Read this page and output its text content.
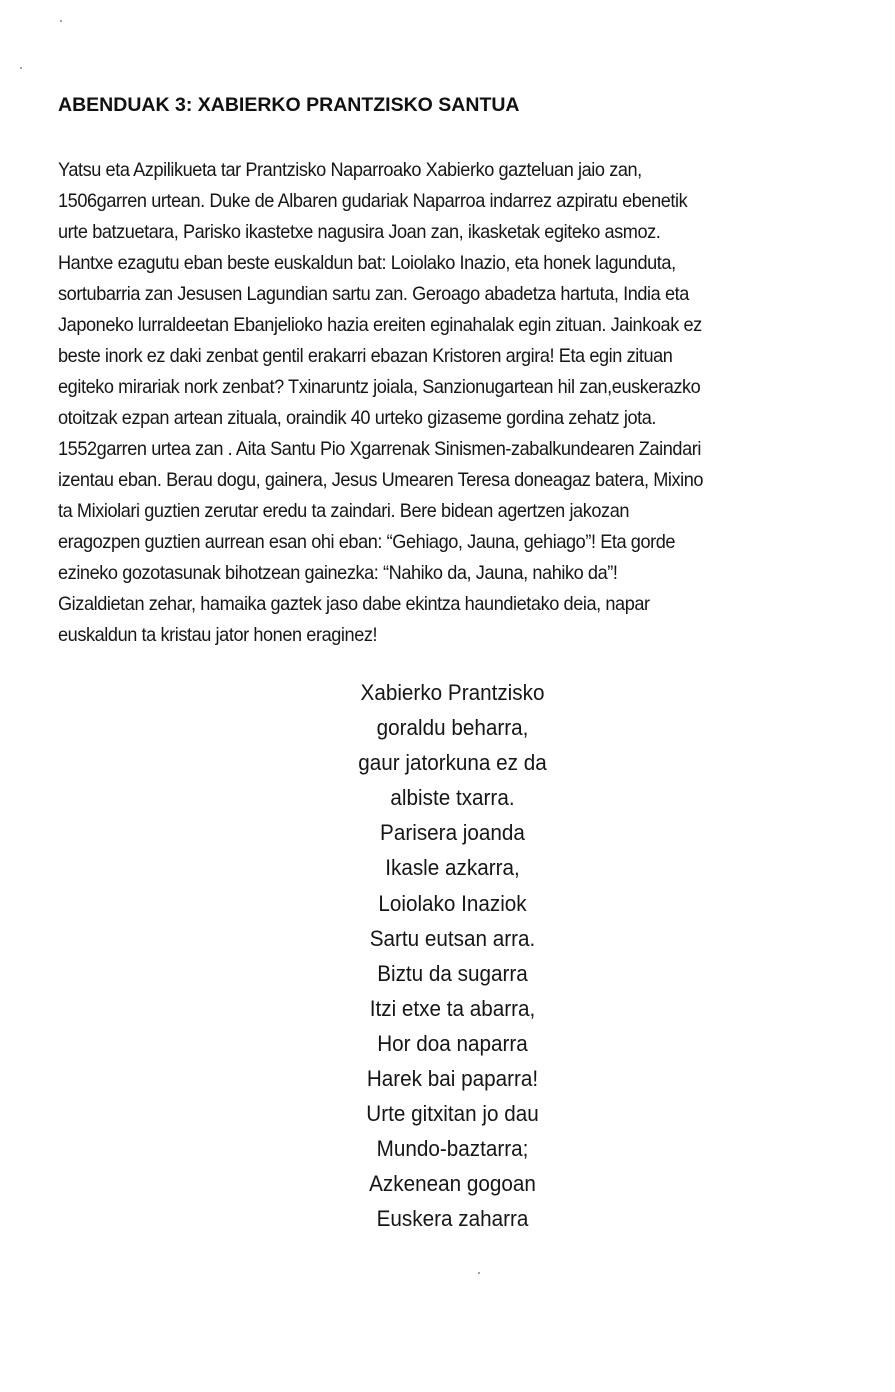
ABENDUAK 3: XABIERKO PRANTZISKO SANTUA
Yatsu eta Azpilikueta tar Prantzisko Naparroako Xabierko gazteluan jaio zan,
1506garren urtean. Duke de Albaren gudariak Naparroa indarrez azpiratu ebenetik
urte batzuetara, Parisko ikastetxe nagusira Joan zan, ikasketak egiteko asmoz.
Hantxe ezagutu eban beste euskaldun bat: Loiolako Inazio, eta honek lagunduta,
sortubarria zan Jesusen Lagundian sartu zan. Geroago abadetza hartuta, India eta
Japoneko lurraldeetan Ebanjelioko hazia ereiten eginahalak egin zituan. Jainkoak ez
beste inork ez daki zenbat gentil erakarri ebazan Kristoren argira! Eta egin zituan
egiteko mirariak nork zenbat? Txinaruntz joiala, Sanzionugartean hil zan,euskerazko
otoitzak ezpan artean zituala, oraindik 40 urteko gizaseme gordina zehatz jota.
1552garren urtea zan . Aita Santu Pio Xgarrenak Sinismen-zabalkundearen Zaindari
izentau eban. Berau dogu, gainera, Jesus Umearen Teresa doneagaz batera, Mixino
ta Mixiolari guztien zerutar eredu ta zaindari. Bere bidean agertzen jakozan
eragozpen guztien aurrean esan ohi eban: “Gehiago, Jauna, gehiago”! Eta gorde
ezineko gozotasunak bihotzean gainezka: “Nahiko da, Jauna, nahiko da”!
Gizaldietan zehar, hamaika gaztek jaso dabe ekintza haundietako deia, napar
euskaldun ta kristau jator honen eraginez!
Xabierko Prantzisko
goraldu beharra,
gaur jatorkuna ez da
albiste txarra.
Parisera joanda
Ikasle azkarra,
Loiolako Inaziok
Sartu eutsan arra.
Biztu da sugarra
Itzi etxe ta abarra,
Hor doa naparra
Harek bai paparra!
Urte gitxitan jo dau
Mundo-baztarra;
Azkenean gogoan
Euskera zaharra
